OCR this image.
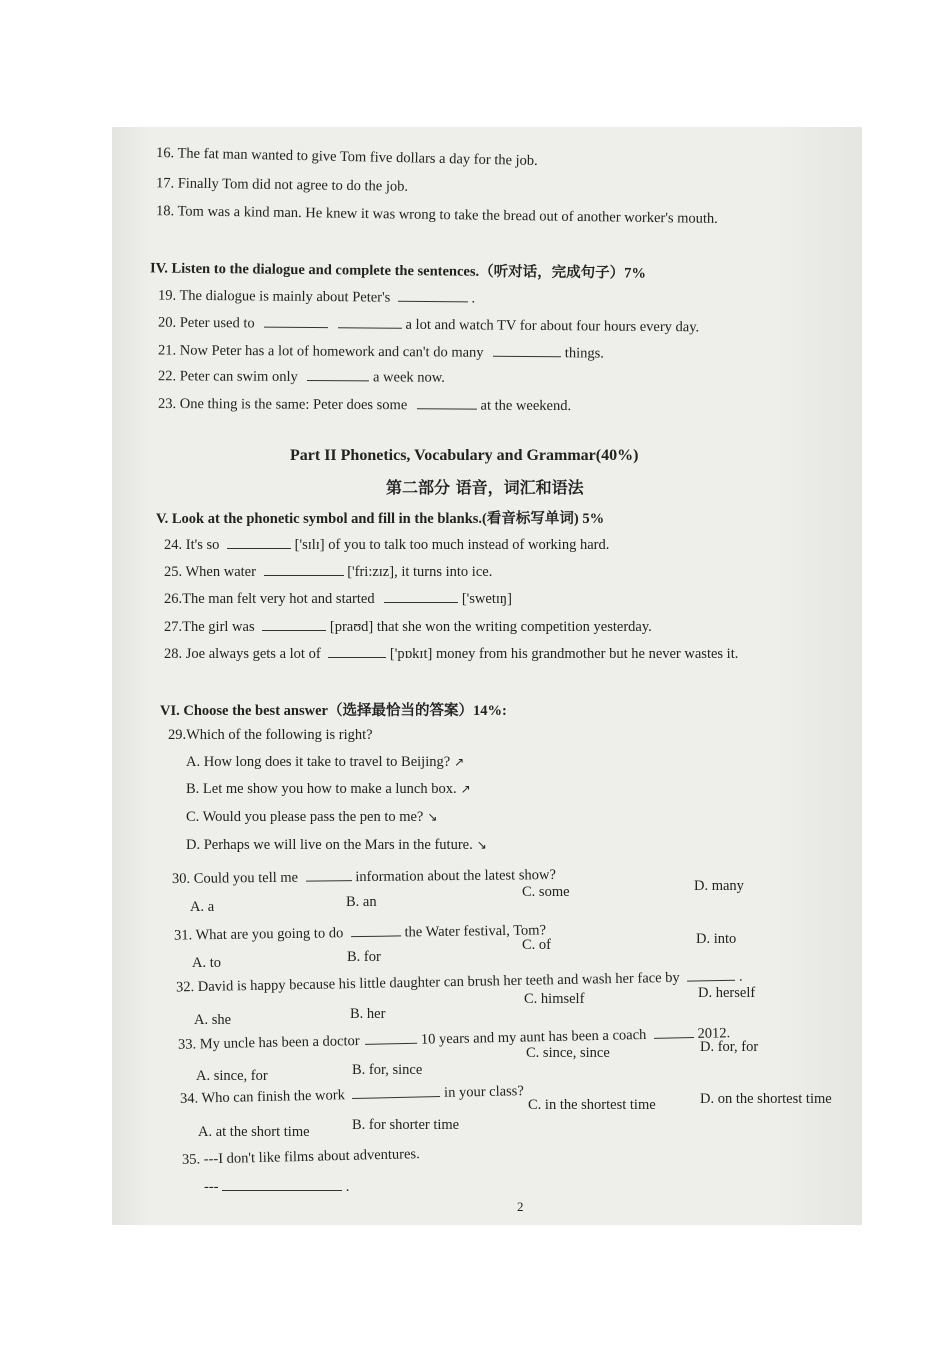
16. The fat man wanted to give Tom five dollars a day for the job.
17. Finally Tom did not agree to do the job.
18. Tom was a kind man. He knew it was wrong to take the bread out of another worker's mouth.
IV. Listen to the dialogue and complete the sentences.（听对话，完成句子）7%
19. The dialogue is mainly about Peter's	.
20. Peter used to	a lot and watch TV for about four hours every day.
21. Now Peter has a lot of homework and can't do many	things.
22. Peter can swim only	a week now.
23. One thing is the same: Peter does some	at the weekend.
Part II Phonetics, Vocabulary and Grammar(40%)
第二部分 语音，词汇和语法
V. Look at the phonetic symbol and fill in the blanks.(看音标写单词) 5%
24. It's so	['sɪlɪ] of you to talk too much instead of working hard.
25. When water	['fri:zɪz], it turns into ice.
26.The man felt very hot and started	['swetɪŋ]
27.The girl was	[praʊd] that she won the writing competition yesterday.
28. Joe always gets a lot of	['pɒkɪt] money from his grandmother but he never wastes it.
VI. Choose the best answer（选择最恰当的答案）14%:
29.Which of the following is right?
A. How long does it take to travel to Beijing? ↗
B. Let me show you how to make a lunch box. ↗
C. Would you please pass the pen to me? ↘
D. Perhaps we will live on the Mars in the future. ↘
30. Could you tell me	information about the latest show?
A. a	B. an
C. some	D. many
31. What are you going to do	the Water festival, Tom?
A. to	B. for
C. of	D. into
32. David is happy because his little daughter can brush her teeth and wash her face by	.
A. she	B. her
C. himself	D. herself
33. My uncle has been a doctor	10 years and my aunt has been a coach	2012.
A. since, for	B. for, since
C. since, since	D. for, for
34. Who can finish the work	in your class?
A. at the short time	B. for shorter time
C. in the shortest time	D. on the shortest time
35. ---I don't like films about adventures.
---	.
2
